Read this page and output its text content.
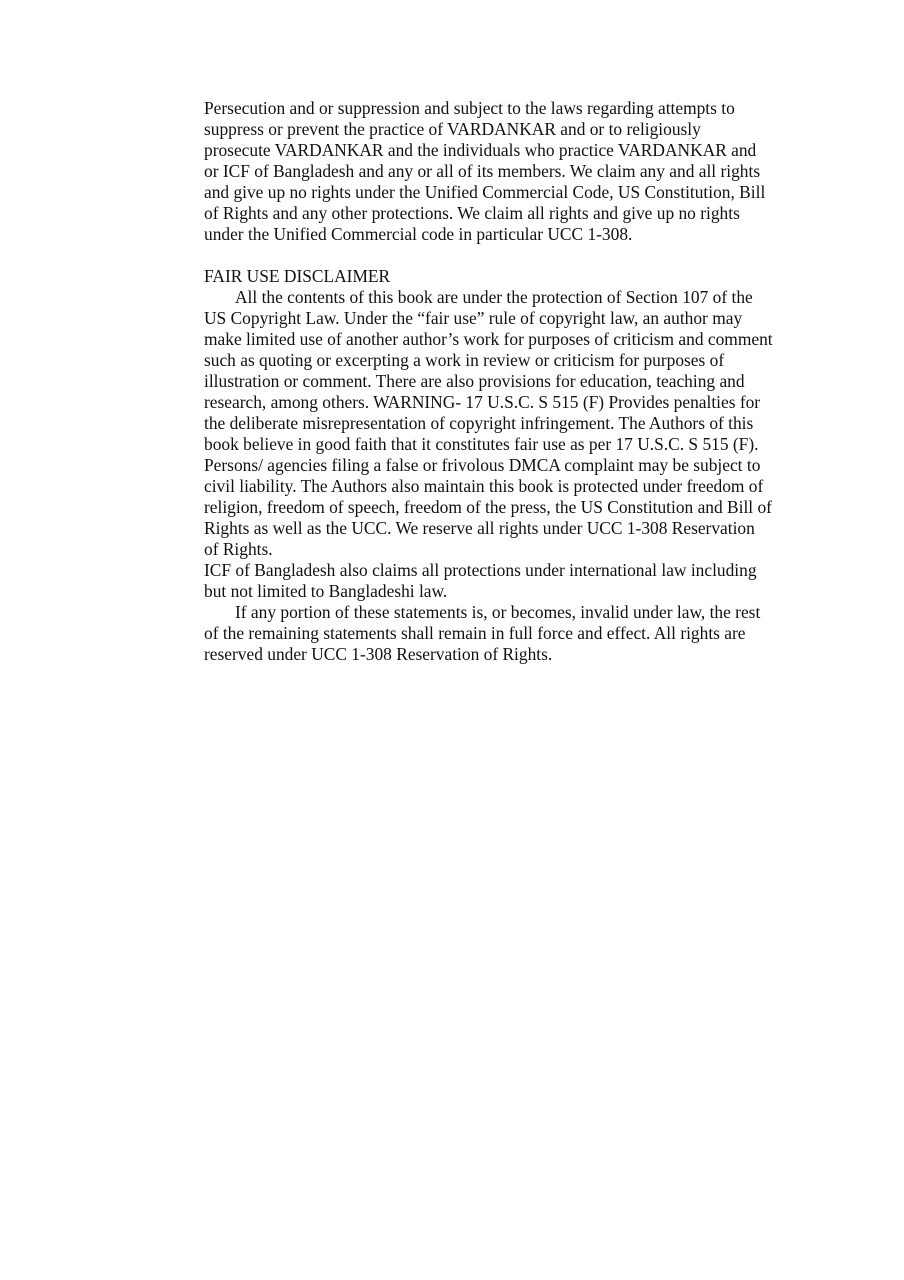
Persecution and or suppression and subject to the laws regarding attempts to
suppress or prevent the practice of VARDANKAR and or to religiously
prosecute VARDANKAR and the individuals who practice VARDANKAR and
or ICF of Bangladesh and any or all of its members. We claim any and all rights
and give up no rights under the Unified Commercial Code, US Constitution, Bill
of Rights and any other protections. We claim all rights and give up no rights
under the Unified Commercial code in particular UCC 1-308.

FAIR USE DISCLAIMER

All the contents of this book are under the protection of Section 107 of the
US Copyright Law. Under the “fair use” rule of copyright law, an author may
make limited use of another author’s work for purposes of criticism and comment
such as quoting or excerpting a work in review or criticism for purposes of
illustration or comment. There are also provisions for education, teaching and
research, among others. WARNING- 17 U.S.C. S 515 (F) Provides penalties for
the deliberate misrepresentation of copyright infringement. The Authors of this
book believe in good faith that it constitutes fair use as per 17 U.S.C. S 515 (F).
Persons/ agencies filing a false or frivolous DMCA complaint may be subject to
civil liability. The Authors also maintain this book is protected under freedom of
religion, freedom of speech, freedom of the press, the US Constitution and Bill of
Rights as well as the UCC. We reserve all rights under UCC 1-308 Reservation
of Rights.

ICF of Bangladesh also claims all protections under international law including
but not limited to Bangladeshi law.

If any portion of these statements is, or becomes, invalid under law, the rest
of the remaining statements shall remain in full force and effect. All rights are
reserved under UCC 1-308 Reservation of Rights.
